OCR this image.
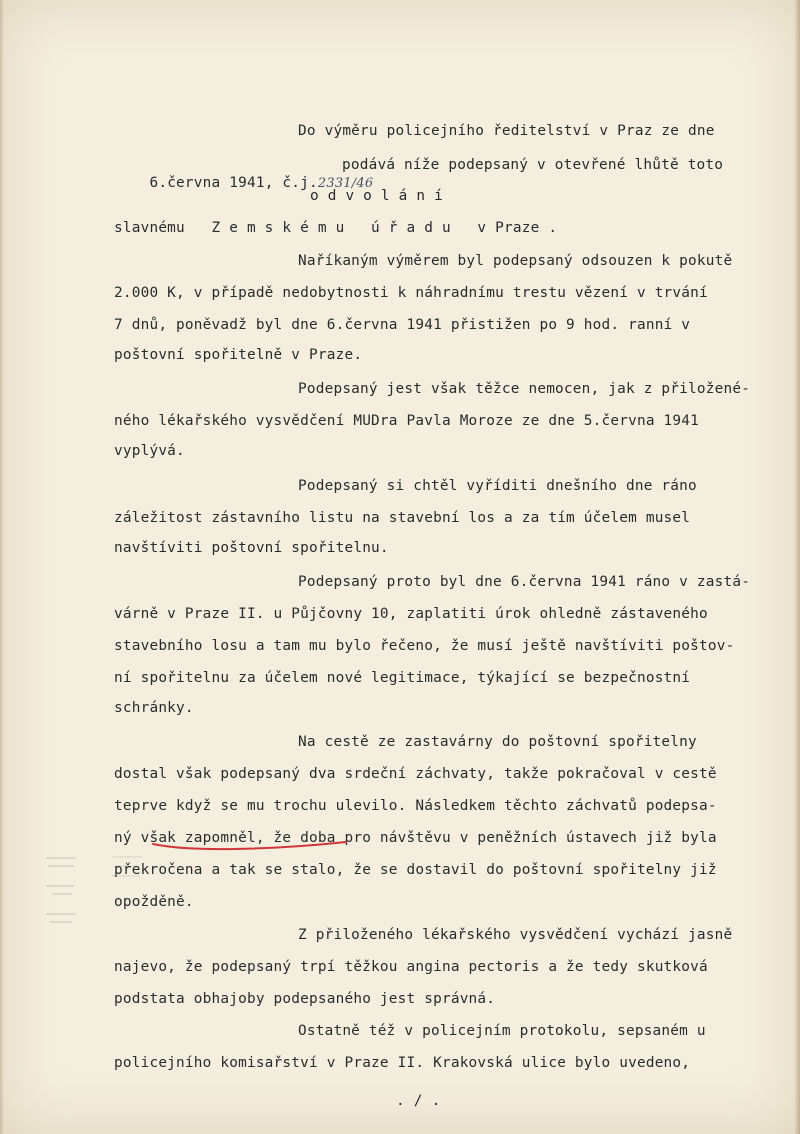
Do výměru policejního ředitelství v Praz ze dne

6.června 1941, č.j.2331/46

podává níže podepsaný v otevřené lhůtě toto
o d v o l á n í
slavnému   Z e m s k é m u   ú ř a d u   v Praze .
Naříkaným výměrem byl podepsaný odsouzen k pokutě
2.000 K, v případě nedobytnosti k náhradnímu trestu vězení v trvání
7 dnů, poněvadž byl dne 6.června 1941 přistižen po 9 hod. ranní v
poštovní spořitelně v Praze.
Podepsaný jest však těžce nemocen, jak z přiložené-
ného lékařského vysvědčení MUDra Pavla Moroze ze dne 5.června 1941
vyplývá.
Podepsaný si chtěl vyříditi dnešního dne ráno
záležitost zástavního listu na stavební los a za tím účelem musel
navštíviti poštovní spořitelnu.
Podepsaný proto byl dne 6.června 1941 ráno v zastá-
várně v Praze II. u Půjčovny 10, zaplatiti úrok ohledně zástaveného
stavebního losu a tam mu bylo řečeno, že musí ještě navštíviti poštov-
ní spořitelnu za účelem nové legitimace, týkající se bezpečnostní
schránky.
Na cestě ze zastavárny do poštovní spořitelny
dostal však podepsaný dva srdeční záchvaty, takže pokračoval v cestě
teprve když se mu trochu ulevilo. Následkem těchto záchvatů podepsa-
ný však zapomněl, že doba pro návštěvu v peněžních ústavech již byla
překročena a tak se stalo, že se dostavil do poštovní spořitelny již
opožděně.
Z přiloženého lékařského vysvědčení vychází jasně
najevo, že podepsaný trpí těžkou angina pectoris a že tedy skutková
podstata obhajoby podepsaného jest správná.
Ostatně též v policejním protokolu, sepsaném u
policejního komisařství v Praze II. Krakovská ulice bylo uvedeno,
. / .
